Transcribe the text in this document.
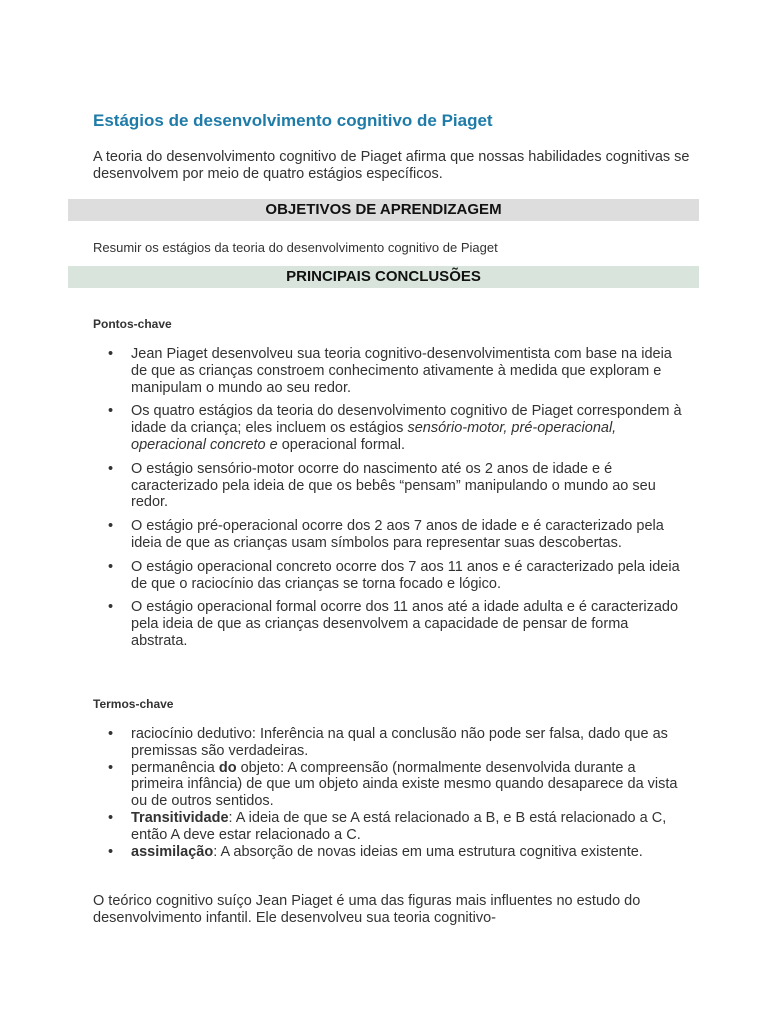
Estágios de desenvolvimento cognitivo de Piaget
A teoria do desenvolvimento cognitivo de Piaget afirma que nossas habilidades cognitivas se desenvolvem por meio de quatro estágios específicos.
OBJETIVOS DE APRENDIZAGEM
Resumir os estágios da teoria do desenvolvimento cognitivo de Piaget
PRINCIPAIS CONCLUSÕES
Pontos-chave
• Jean Piaget desenvolveu sua teoria cognitivo-desenvolvimentista com base na ideia de que as crianças constroem conhecimento ativamente à medida que exploram e manipulam o mundo ao seu redor.
• Os quatro estágios da teoria do desenvolvimento cognitivo de Piaget correspondem à idade da criança; eles incluem os estágios sensório-motor, pré-operacional, operacional concreto e operacional formal.
• O estágio sensório-motor ocorre do nascimento até os 2 anos de idade e é caracterizado pela ideia de que os bebês “pensam” manipulando o mundo ao seu redor.
• O estágio pré-operacional ocorre dos 2 aos 7 anos de idade e é caracterizado pela ideia de que as crianças usam símbolos para representar suas descobertas.
• O estágio operacional concreto ocorre dos 7 aos 11 anos e é caracterizado pela ideia de que o raciocínio das crianças se torna focado e lógico.
• O estágio operacional formal ocorre dos 11 anos até a idade adulta e é caracterizado pela ideia de que as crianças desenvolvem a capacidade de pensar de forma abstrata.
Termos-chave
• raciocínio dedutivo: Inferência na qual a conclusão não pode ser falsa, dado que as premissas são verdadeiras.
• permanência do objeto: A compreensão (normalmente desenvolvida durante a primeira infância) de que um objeto ainda existe mesmo quando desaparece da vista ou de outros sentidos.
• Transitividade: A ideia de que se A está relacionado a B, e B está relacionado a C, então A deve estar relacionado a C.
• assimilação: A absorção de novas ideias em uma estrutura cognitiva existente.
O teórico cognitivo suíço Jean Piaget é uma das figuras mais influentes no estudo do desenvolvimento infantil. Ele desenvolveu sua teoria cognitivo-
